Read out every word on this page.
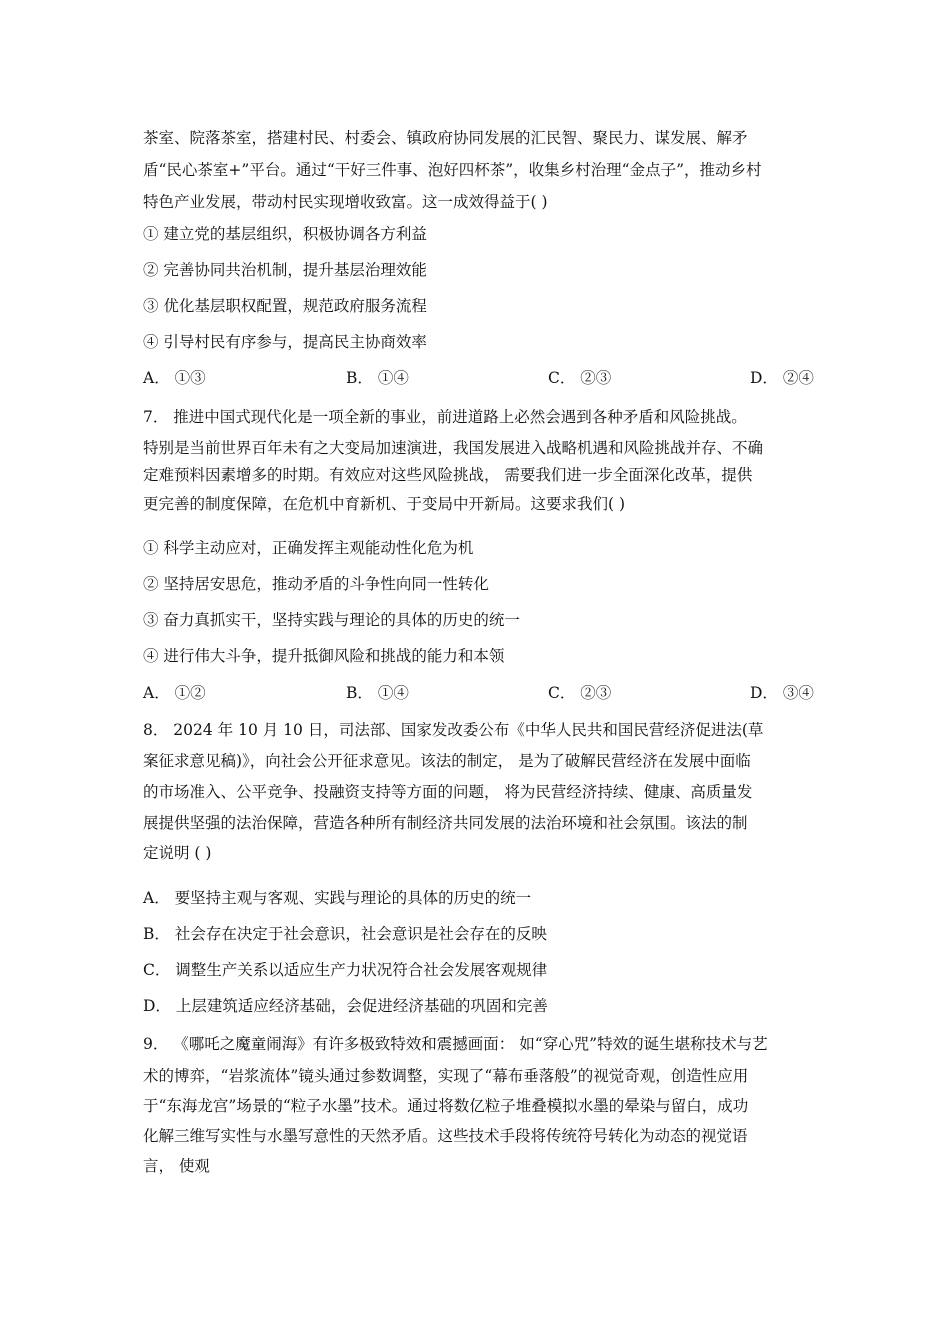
茶室、院落茶室，搭建村民、村委会、镇政府协同发展的汇民智、聚民力、谋发展、解矛
盾“民心茶室+”平台。通过“干好三件事、泡好四杯茶”，收集乡村治理“金点子”，推动乡村
特色产业发展，带动村民实现增收致富。这一成效得益于( )
① 建立党的基层组织，积极协调各方利益
② 完善协同共治机制，提升基层治理效能
③ 优化基层职权配置，规范政府服务流程
④ 引导村民有序参与，提高民主协商效率
A． ①③	B． ①④	C． ②③	D． ②④
7． 推进中国式现代化是一项全新的事业，前进道路上必然会遇到各种矛盾和风险挑战。
特别是当前世界百年未有之大变局加速演进，我国发展进入战略机遇和风险挑战并存、不确
定难预料因素增多的时期。有效应对这些风险挑战， 需要我们进一步全面深化改革，提供
更完善的制度保障，在危机中育新机、于变局中开新局。这要求我们( )
① 科学主动应对，正确发挥主观能动性化危为机
② 坚持居安思危，推动矛盾的斗争性向同一性转化
③ 奋力真抓实干，坚持实践与理论的具体的历史的统一
④ 进行伟大斗争，提升抵御风险和挑战的能力和本领
A． ①②	B． ①④	C． ②③	D． ③④
8． 2024 年 10 月 10 日，司法部、国家发改委公布《中华人民共和国民营经济促进法(草
案征求意见稿)》，向社会公开征求意见。该法的制定， 是为了破解民营经济在发展中面临
的市场准入、公平竞争、投融资支持等方面的问题， 将为民营经济持续、健康、高质量发
展提供坚强的法治保障，营造各种所有制经济共同发展的法治环境和社会氛围。该法的制
定说明 ( )
A． 要坚持主观与客观、实践与理论的具体的历史的统一
B． 社会存在决定于社会意识，社会意识是社会存在的反映
C． 调整生产关系以适应生产力状况符合社会发展客观规律
D． 上层建筑适应经济基础，会促进经济基础的巩固和完善
9． 《哪吒之魔童闹海》有许多极致特效和震撼画面： 如“穿心咒”特效的诞生堪称技术与艺
术的博弈，“岩浆流体”镜头通过参数调整，实现了“幕布垂落般”的视觉奇观，创造性应用
于“东海龙宫”场景的“粒子水墨”技术。通过将数亿粒子堆叠模拟水墨的晕染与留白，成功
化解三维写实性与水墨写意性的天然矛盾。这些技术手段将传统符号转化为动态的视觉语
言， 使观
